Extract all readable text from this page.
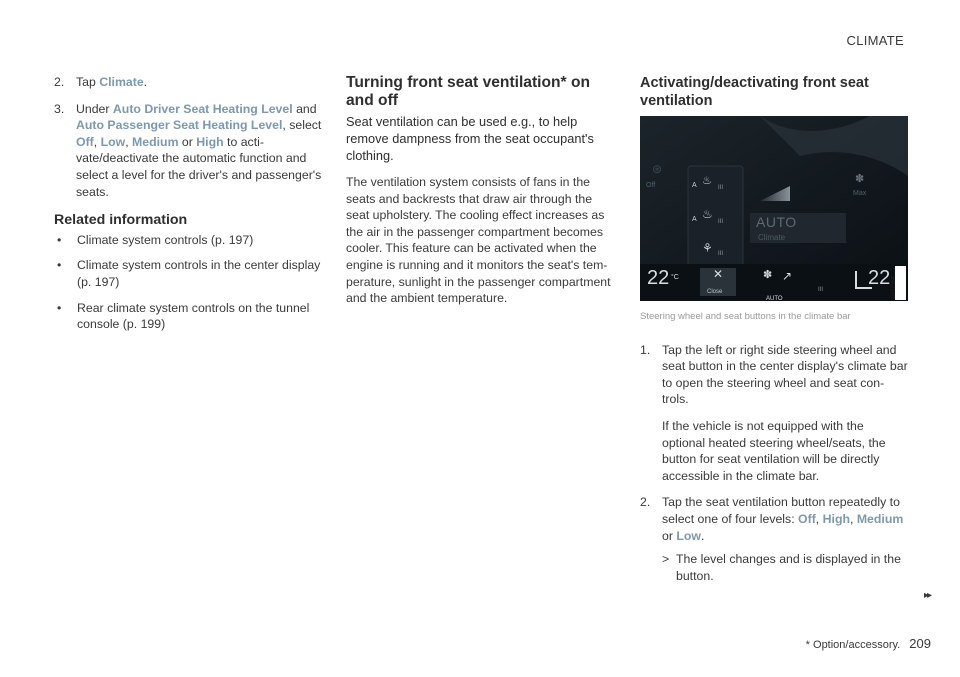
CLIMATE
2. Tap Climate.
3. Under Auto Driver Seat Heating Level and Auto Passenger Seat Heating Level, select Off, Low, Medium or High to acti-vate/deactivate the automatic function and select a level for the driver's and passenger's seats.
Related information
• Climate system controls (p. 197)
• Climate system controls in the center display (p. 197)
• Rear climate system controls on the tunnel console (p. 199)
Turning front seat ventilation* on and off

Seat ventilation can be used e.g., to help remove dampness from the seat occupant's clothing.

The ventilation system consists of fans in the seats and backrests that draw air through the seat upholstery. The cooling effect increases as the air in the passenger compartment becomes cooler. This feature can be activated when the engine is running and it monitors the seat's tem-perature, sunlight in the passenger compartment and the ambient temperature.

Activating/deactivating front seat ventilation
Off
Max
⊛
✽
A ♨
III
A ♨
III
⚘ III
AUTO
Climate
22 °C	✕
Close
✽ ↗
AUTO
III
22 G052164
Steering wheel and seat buttons in the climate bar
1. Tap the left or right side steering wheel and seat button in the center display's climate bar to open the steering wheel and seat con-trols.

If the vehicle is not equipped with the optional heated steering wheel/seats, the button for seat ventilation will be directly accessible in the climate bar.

2. Tap the seat ventilation button repeatedly to select one of four levels: Off, High, Medium or Low.
> The level changes and is displayed in the button.
▸▸
* Option/accessory. 209
